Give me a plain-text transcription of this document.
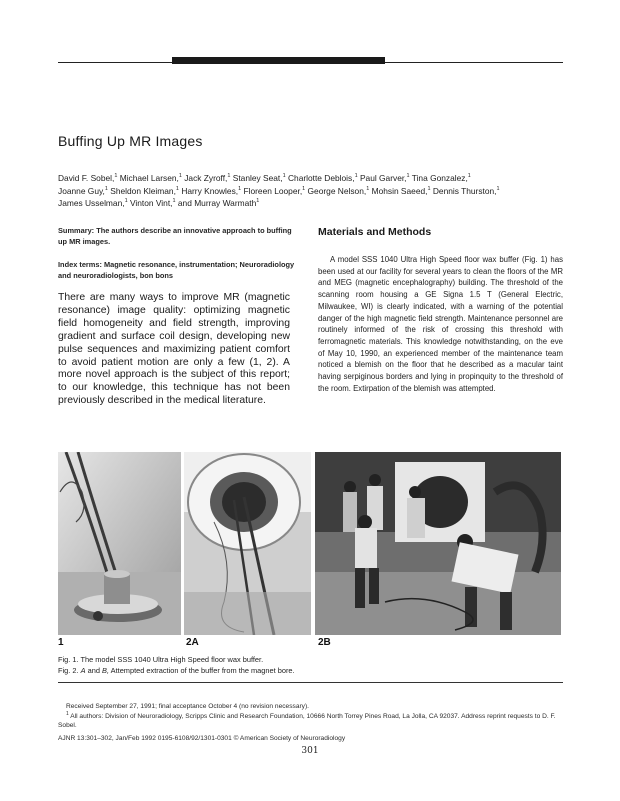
Buffing Up MR Images
David F. Sobel,$^1$ Michael Larsen,$^1$ Jack Zyroff,$^1$ Stanley Seat,$^1$ Charlotte Deblois,$^1$ Paul Garver,$^1$ Tina Gonzalez,$^1$
Joanne Guy,$^1$ Sheldon Kleiman,$^1$ Harry Knowles,$^1$ Floreen Looper,$^1$ George Nelson,$^1$ Mohsin Saeed,$^1$ Dennis Thurston,$^1$
James Usselman,$^1$ Vinton Vint,$^1$ and Murray Warmath$^1$
Summary: The authors describe an innovative approach to buffing up MR images.
Index terms: Magnetic resonance, instrumentation; Neuroradiology and neuroradiologists, bon bons
There are many ways to improve MR (magnetic resonance) image quality: optimizing magnetic field homogeneity and field strength, improving gradient and surface coil design, developing new pulse sequences and maximizing patient comfort to avoid patient motion are only a few (1, 2). A more novel approach is the subject of this report; to our knowledge, this technique has not been previously described in the medical literature.
Materials and Methods
A model SSS 1040 Ultra High Speed floor wax buffer (Fig. 1) has been used at our facility for several years to clean the floors of the MR and MEG (magnetic encephalography) building. The threshold of the scanning room housing a GE Signa 1.5 T (General Electric, Milwaukee, WI) is clearly indicated, with a warning of the potential danger of the high magnetic field strength. Maintenance personnel are routinely informed of the risk of crossing this threshold with ferromagnetic materials. This knowledge notwithstanding, on the eve of May 10, 1990, an experienced member of the maintenance team noticed a blemish on the floor that he described as a macular taint having serpiginous borders and lying in propinquity to the threshold of the room. Extirpation of the blemish was attempted.
1	2A	2B
Fig. 1. The model SSS 1040 Ultra High Speed floor wax buffer.
Fig. 2. A and B, Attempted extraction of the buffer from the magnet bore.

Received September 27, 1991; final acceptance October 4 (no revision necessary).

$^1$ All authors: Division of Neuroradiology, Scripps Clinic and Research Foundation, 10666 North Torrey Pines Road, La Jolla, CA 92037. Address reprint requests to D. F. Sobel.

AJNR 13:301–302, Jan/Feb 1992 0195-6108/92/1301-0301 © American Society of Neuroradiology
301
